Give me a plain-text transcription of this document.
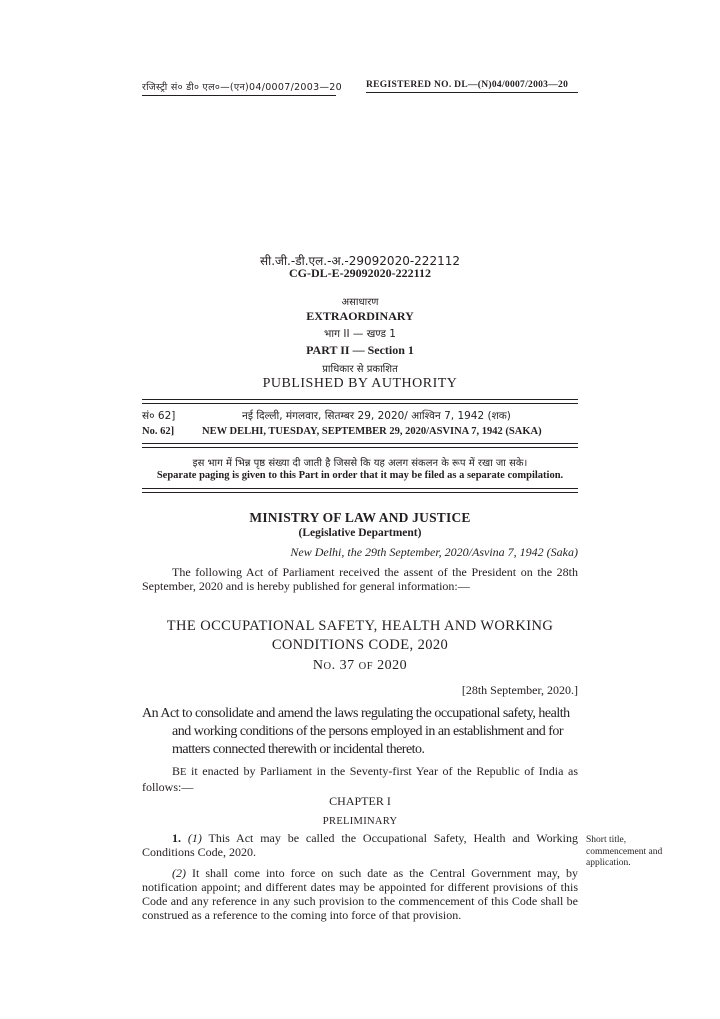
रजिस्ट्री सं० डी० एल०—(एन)04/0007/2003—20	REGISTERED NO. DL—(N)04/0007/2003—20
सी.जी.-डी.एल.-अ.-29092020-222112
CG-DL-E-29092020-222112
असाधारण
EXTRAORDINARY
भाग II — खण्ड 1
PART II — Section 1
प्राधिकार से प्रकाशित
PUBLISHED BY AUTHORITY
सं० 62]	नई दिल्ली, मंगलवार, सितम्बर 29, 2020/ आश्विन 7, 1942 (शक)
No. 62]	NEW DELHI, TUESDAY, SEPTEMBER 29, 2020/ASVINA 7, 1942 (SAKA)
इस भाग में भिन्न पृष्ठ संख्या दी जाती है जिससे कि यह अलग संकलन के रूप में रखा जा सके।
Separate paging is given to this Part in order that it may be filed as a separate compilation.
MINISTRY OF LAW AND JUSTICE
(Legislative Department)
New Delhi, the 29th September, 2020/Asvina 7, 1942 (Saka)
The following Act of Parliament received the assent of the President on the 28th September, 2020 and is hereby published for general information:—
THE OCCUPATIONAL SAFETY, HEALTH AND WORKING
CONDITIONS CODE, 2020
NO. 37 OF 2020
[28th September, 2020.]
An Act to consolidate and amend the laws regulating the occupational safety, health
and working conditions of the persons employed in an establishment and for
matters connected therewith or incidental thereto.
BE it enacted by Parliament in the Seventy-first Year of the Republic of India as follows:—
CHAPTER I
PRELIMINARY
1. (1) This Act may be called the Occupational Safety, Health and Working Conditions Code, 2020.
(2) It shall come into force on such date as the Central Government may, by notification appoint; and different dates may be appointed for different provisions of this Code and any reference in any such provision to the commencement of this Code shall be construed as a reference to the coming into force of that provision.
Short title, commencement and application.
